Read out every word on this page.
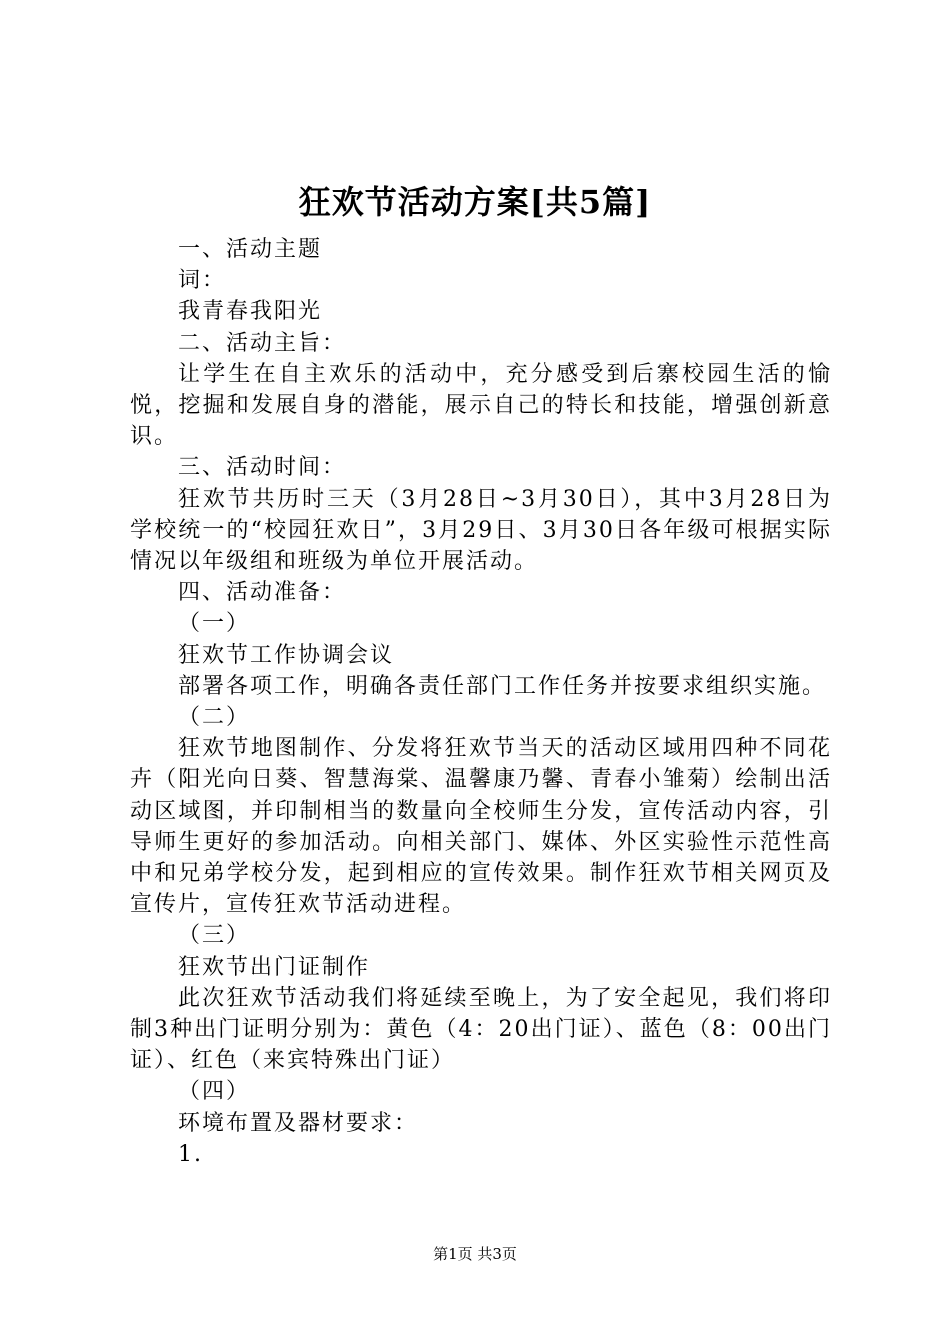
狂欢节活动方案[共5篇]

一、活动主题

词：

我青春我阳光

二、活动主旨：

让学生在自主欢乐的活动中，充分感受到后寨校园生活的愉悦，挖掘和发展自身的潜能，展示自己的特长和技能，增强创新意识。

三、活动时间：

狂欢节共历时三天（3月28日~3月30日），其中3月28日为学校统一的“校园狂欢日”，3月29日、3月30日各年级可根据实际情况以年级组和班级为单位开展活动。

四、活动准备：

（一）

狂欢节工作协调会议

部署各项工作，明确各责任部门工作任务并按要求组织实施。

（二）

狂欢节地图制作、分发将狂欢节当天的活动区域用四种不同花卉（阳光向日葵、智慧海棠、温馨康乃馨、青春小雏菊）绘制出活动区域图，并印制相当的数量向全校师生分发，宣传活动内容，引导师生更好的参加活动。向相关部门、媒体、外区实验性示范性高中和兄弟学校分发，起到相应的宣传效果。制作狂欢节相关网页及宣传片，宣传狂欢节活动进程。

（三）

狂欢节出门证制作

此次狂欢节活动我们将延续至晚上，为了安全起见，我们将印制3种出门证明分别为：黄色（4：20出门证）、蓝色（8：00出门证）、红色（来宾特殊出门证）

（四）

环境布置及器材要求：

1.

第1页 共3页
